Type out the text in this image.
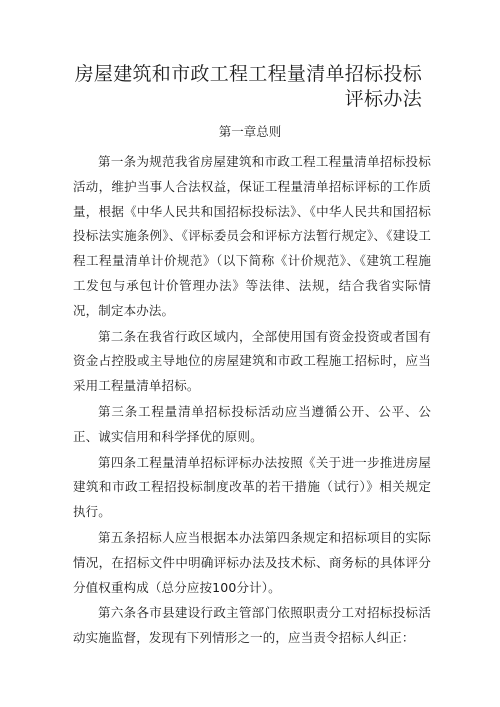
房屋建筑和市政工程工程量清单招标投标评标办法

第一章总则

第一条为规范我省房屋建筑和市政工程工程量清单招标投标活动，维护当事人合法权益，保证工程量清单招标评标的工作质量，根据《中华人民共和国招标投标法》、《中华人民共和国招标投标法实施条例》、《评标委员会和评标方法暂行规定》、《建设工程工程量清单计价规范》（以下简称《计价规范》、《建筑工程施工发包与承包计价管理办法》等法律、法规，结合我省实际情况，制定本办法。

第二条在我省行政区域内，全部使用国有资金投资或者国有资金占控股或主导地位的房屋建筑和市政工程施工招标时，应当采用工程量清单招标。

第三条工程量清单招标投标活动应当遵循公开、公平、公正、诚实信用和科学择优的原则。

第四条工程量清单招标评标办法按照《关于进一步推进房屋建筑和市政工程招投标制度改革的若干措施（试行）》相关规定执行。

第五条招标人应当根据本办法第四条规定和招标项目的实际情况，在招标文件中明确评标办法及技术标、商务标的具体评分分值权重构成（总分应按100分计）。

第六条各市县建设行政主管部门依照职责分工对招标投标活动实施监督，发现有下列情形之一的，应当责令招标人纠正：
